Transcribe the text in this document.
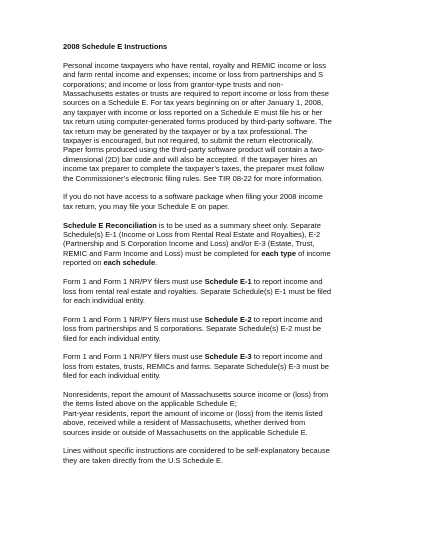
2008 Schedule E Instructions
Personal income taxpayers who have rental, royalty and REMIC income or loss
and farm rental income and expenses; income or loss from partnerships and S
corporations; and income or loss from grantor-type trusts and non-
Massachusetts estates or trusts are required to report income or loss from these
sources on a Schedule E. For tax years beginning on or after January 1, 2008,
any taxpayer with income or loss reported on a Schedule E must file his or her
tax return using computer-generated forms produced by third-party software. The
tax return may be generated by the taxpayer or by a tax professional. The
taxpayer is encouraged, but not required, to submit the return electronically.
Paper forms produced using the third-party software product will contain a two-
dimensional (2D) bar code and will also be accepted. If the taxpayer hires an
income tax preparer to complete the taxpayer’s taxes, the preparer must follow
the Commissioner’s electronic filing rules. See TIR 08-22 for more information.
If you do not have access to a software package when filing your 2008 income
tax return, you may file your Schedule E on paper.
Schedule E Reconciliation is to be used as a summary sheet only. Separate
Schedule(s) E-1 (Income or Loss from Rental Real Estate and Royalties), E-2
(Partnership and S Corporation Income and Loss) and/or E-3 (Estate, Trust,
REMIC and Farm Income and Loss) must be completed for each type of income
reported on each schedule.
Form 1 and Form 1 NR/PY filers must use Schedule E-1 to report income and
loss from rental real estate and royalties. Separate Schedule(s) E-1 must be filed
for each individual entity.
Form 1 and Form 1 NR/PY filers must use Schedule E-2 to report income and
loss from partnerships and S corporations. Separate Schedule(s) E-2 must be
filed for each individual entity.
Form 1 and Form 1 NR/PY filers must use Schedule E-3 to report income and
loss from estates, trusts, REMICs and farms. Separate Schedule(s) E-3 must be
filed for each individual entity.
Nonresidents, report the amount of Massachusetts source income or (loss) from
the items listed above on the applicable Schedule E;
Part-year residents, report the amount of income or (loss) from the items listed
above, received while a resident of Massachusetts, whether derived from
sources inside or outside of Massachusetts on the applicable Schedule E.
Lines without specific instructions are considered to be self-explanatory because
they are taken directly from the U.S Schedule E.
